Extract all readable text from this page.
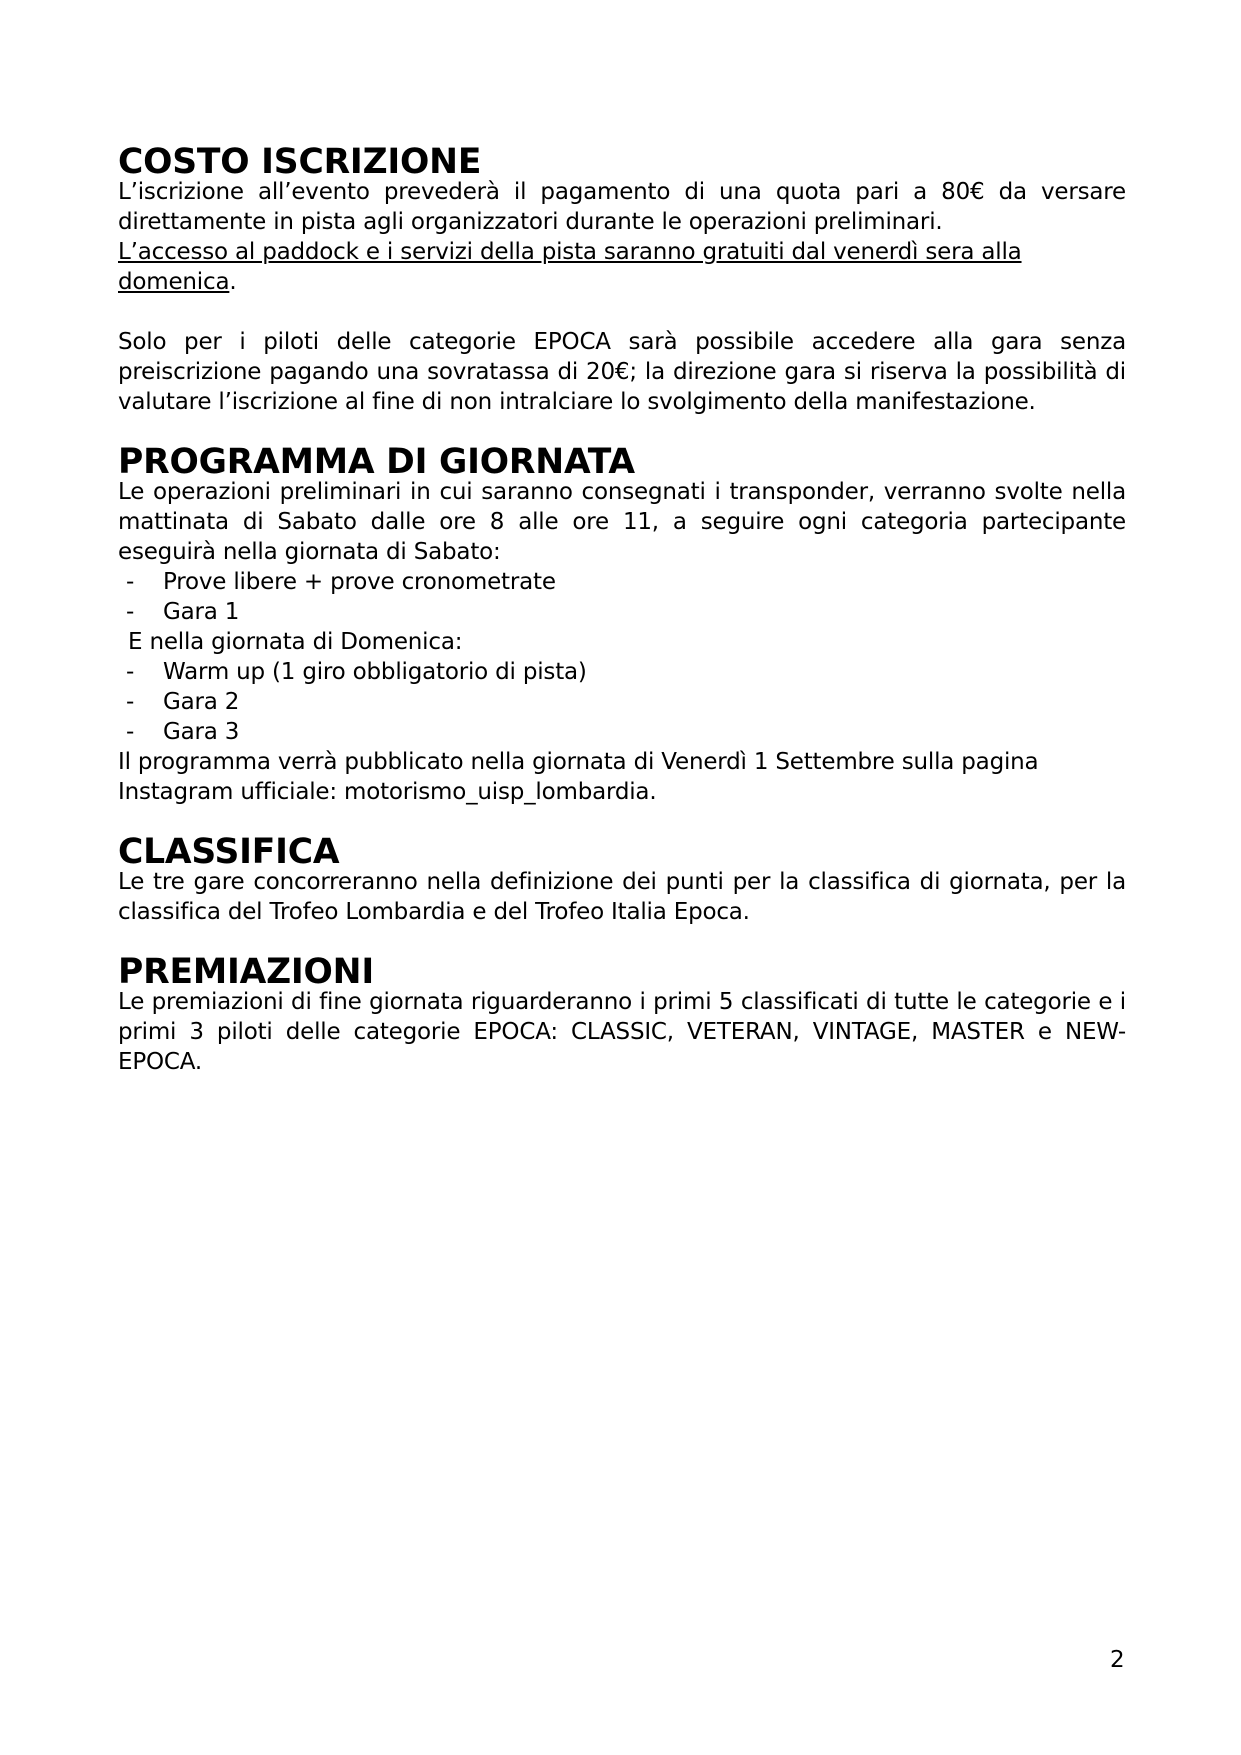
COSTO ISCRIZIONE

L’iscrizione all’evento prevederà il pagamento di una quota pari a 80€ da versare direttamente in pista agli organizzatori durante le operazioni preliminari.

L’accesso al paddock e i servizi della pista saranno gratuiti dal venerdì sera alla domenica.

Solo per i piloti delle categorie EPOCA sarà possibile accedere alla gara senza preiscrizione pagando una sovratassa di 20€; la direzione gara si riserva la possibilità di valutare l’iscrizione al fine di non intralciare lo svolgimento della manifestazione.

PROGRAMMA DI GIORNATA

Le operazioni preliminari in cui saranno consegnati i transponder, verranno svolte nella mattinata di Sabato dalle ore 8 alle ore 11, a seguire ogni categoria partecipante eseguirà nella giornata di Sabato:

- Prove libere + prove cronometrate
- Gara 1

E nella giornata di Domenica:

- Warm up (1 giro obbligatorio di pista)
- Gara 2
- Gara 3

Il programma verrà pubblicato nella giornata di Venerdì 1 Settembre sulla pagina Instagram ufficiale: motorismo_uisp_lombardia.

CLASSIFICA

Le tre gare concorreranno nella definizione dei punti per la classifica di giornata, per la classifica del Trofeo Lombardia e del Trofeo Italia Epoca.

PREMIAZIONI

Le premiazioni di fine giornata riguarderanno i primi 5 classificati di tutte le categorie e i primi 3 piloti delle categorie EPOCA: CLASSIC, VETERAN, VINTAGE, MASTER e NEW-EPOCA.

2
